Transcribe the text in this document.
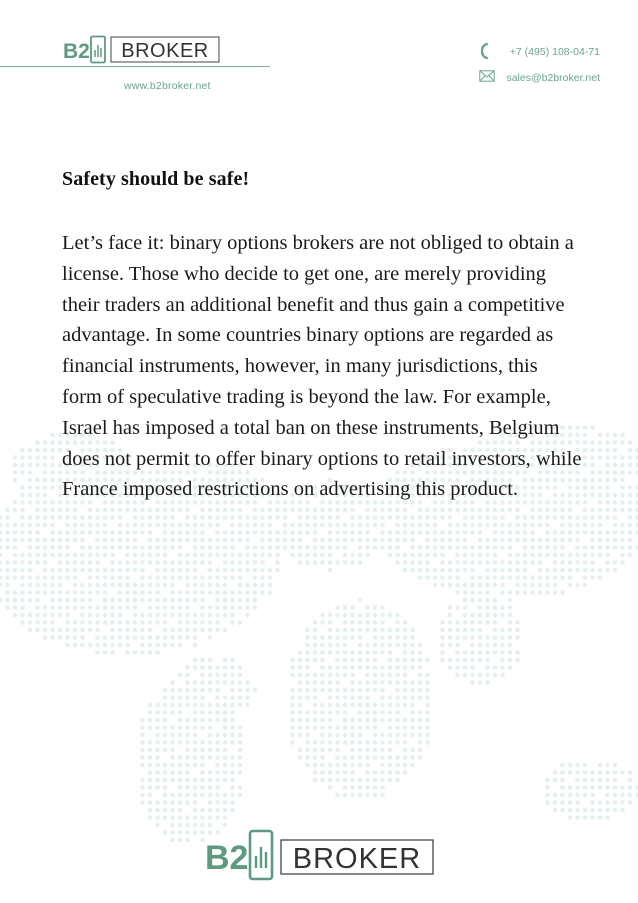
B2 BROKER
www.b2broker.net
+7 (495) 108-04-71
sales@b2broker.net
Safety should be safe!
Let’s face it: binary options brokers are not obliged to obtain a license. Those who decide to get one, are merely providing their traders an additional benefit and thus gain a competitive advantage. In some countries binary options are regarded as financial instruments, however, in many jurisdictions, this form of speculative trading is beyond the law. For example, Israel has imposed a total ban on these instruments, Belgium does not permit to offer binary options to retail investors, while France imposed restrictions on advertising this product.
B2 BROKER
